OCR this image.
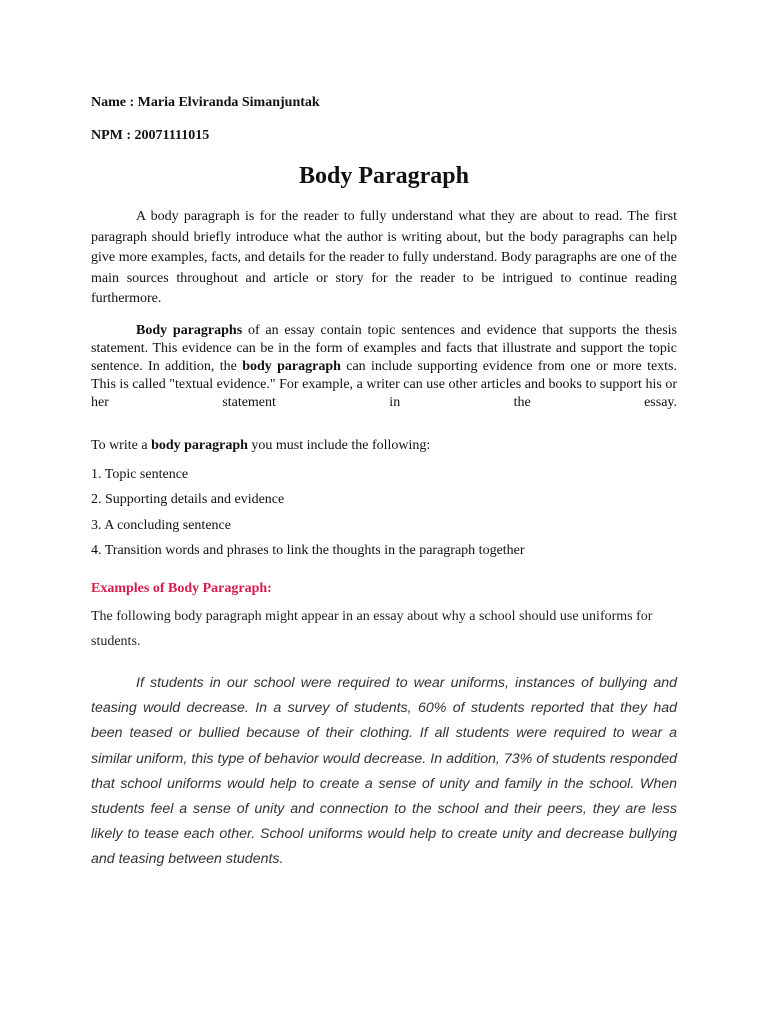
Name : Maria Elviranda Simanjuntak
NPM : 20071111015
Body Paragraph

A body paragraph is for the reader to fully understand what they are about to read. The first paragraph should briefly introduce what the author is writing about, but the body paragraphs can help give more examples, facts, and details for the reader to fully understand. Body paragraphs are one of the main sources throughout and article or story for the reader to be intrigued to continue reading furthermore.

Body paragraphs of an essay contain topic sentences and evidence that supports the thesis statement. This evidence can be in the form of examples and facts that illustrate and support the topic sentence. In addition, the body paragraph can include supporting evidence from one or more texts. This is called "textual evidence." For example, a writer can use other articles and books to support his or her statement in the essay.

To write a body paragraph you must include the following:
1. Topic sentence
2. Supporting details and evidence
3. A concluding sentence
4. Transition words and phrases to link the thoughts in the paragraph together
Examples of Body Paragraph:

The following body paragraph might appear in an essay about why a school should use uniforms for students.

If students in our school were required to wear uniforms, instances of bullying and teasing would decrease. In a survey of students, 60% of students reported that they had been teased or bullied because of their clothing. If all students were required to wear a similar uniform, this type of behavior would decrease. In addition, 73% of students responded that school uniforms would help to create a sense of unity and family in the school. When students feel a sense of unity and connection to the school and their peers, they are less likely to tease each other. School uniforms would help to create unity and decrease bullying and teasing between students.
